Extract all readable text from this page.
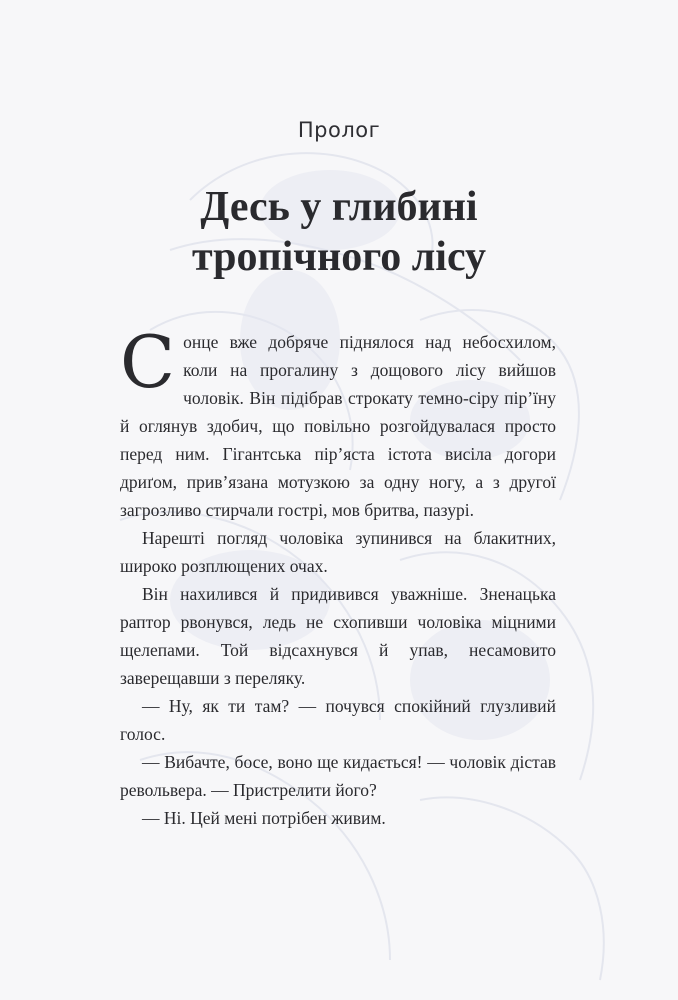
Пролог
Десь у глибині
тропічного лісу

Сонце вже добряче піднялося над небосхилом, коли на прогалину з дощового лісу вийшов чоловік. Він підібрав строкату темно-сіру пір’їну й оглянув здобич, що повільно розгойдувалася просто перед ним. Гігантська пір’яста істота висіла догори дриґом, прив’язана мотузкою за одну ногу, а з другої загрозливо стирчали гострі, мов бритва, пазурі.

Нарешті погляд чоловіка зупинився на блакитних, широко розплющених очах.

Він нахилився й придивився уважніше. Зненацька раптор рвонувся, ледь не схопивши чоловіка міцними щелепами. Той відсахнувся й упав, несамовито заверещавши з переляку.

— Ну, як ти там? — почувся спокійний глузливий голос.

— Вибачте, босе, воно ще кидається! — чоловік дістав револьвера. — Пристрелити його?

— Ні. Цей мені потрібен живим.
